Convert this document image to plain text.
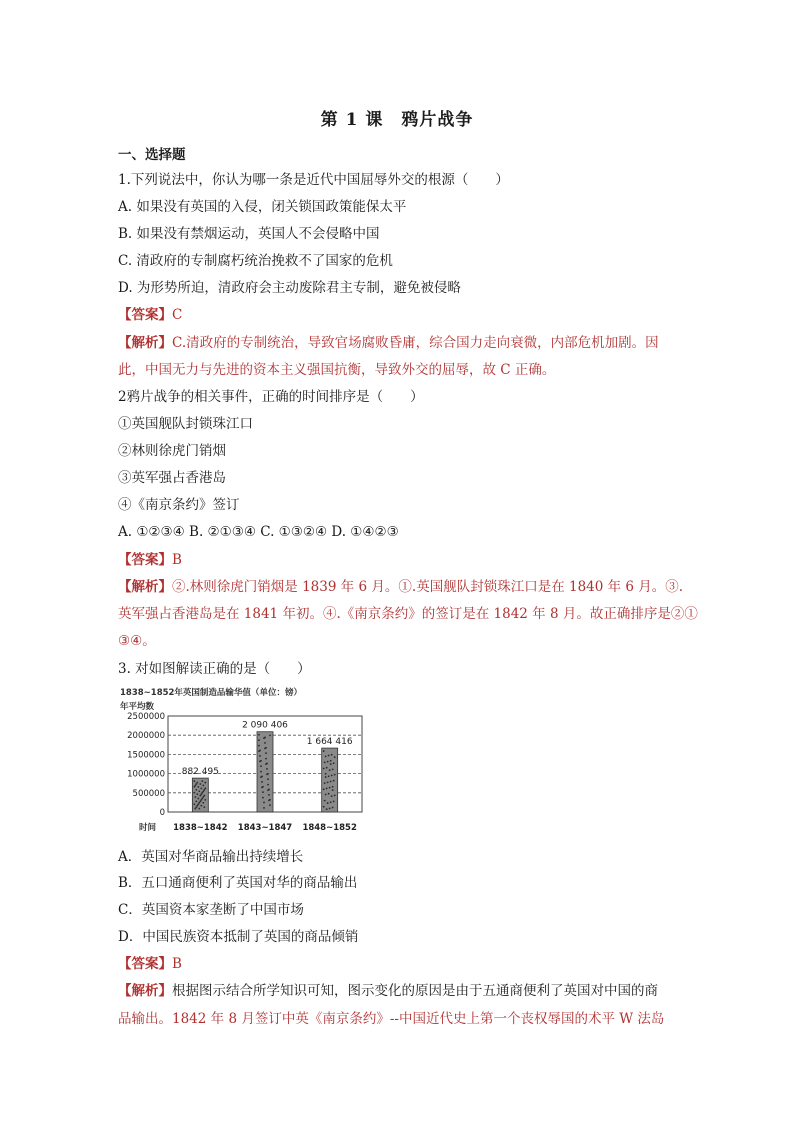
第 1 课　鸦片战争
一、选择题
1.下列说法中，你认为哪一条是近代中国屈辱外交的根源（　　）
A. 如果没有英国的入侵，闭关锁国政策能保太平
B. 如果没有禁烟运动，英国人不会侵略中国
C. 清政府的专制腐朽统治挽救不了国家的危机
D. 为形势所迫，清政府会主动废除君主专制，避免被侵略
【答案】C
【解析】C.清政府的专制统治，导致官场腐败昏庸，综合国力走向衰微，内部危机加剧。因
此，中国无力与先进的资本主义强国抗衡，导致外交的屈辱，故 C 正确。
2鸦片战争的相关事件，正确的时间排序是（　　）
①英国舰队封锁珠江口
②林则徐虎门销烟
③英军强占香港岛
④《南京条约》签订
A. ①②③④ B. ②①③④ C. ①③②④ D. ①④②③
【答案】B
【解析】②.林则徐虎门销烟是 1839 年 6 月。①.英国舰队封锁珠江口是在 1840 年 6 月。③.
英军强占香港岛是在 1841 年初。④.《南京条约》的签订是在 1842 年 8 月。故正确排序是②①
③④。
3. 对如图解读正确的是（　　）
1838~1852年英国制造品输华值（单位：镑）
年平均数
时间
2500000
2000000
1500000
1000000
500000
0
882 495
1838~1842
2 090 406
1843~1847
1 664 416
1848~1852
A．英国对华商品输出持续增长
B．五口通商便利了英国对华的商品输出
C．英国资本家垄断了中国市场
D．中国民族资本抵制了英国的商品倾销
【答案】B
【解析】根据图示结合所学知识可知，图示变化的原因是由于五通商便利了英国对中国的商
品输出。1842 年 8 月签订中英《南京条约》--中国近代史上第一个丧权辱国的术平 W 法岛
